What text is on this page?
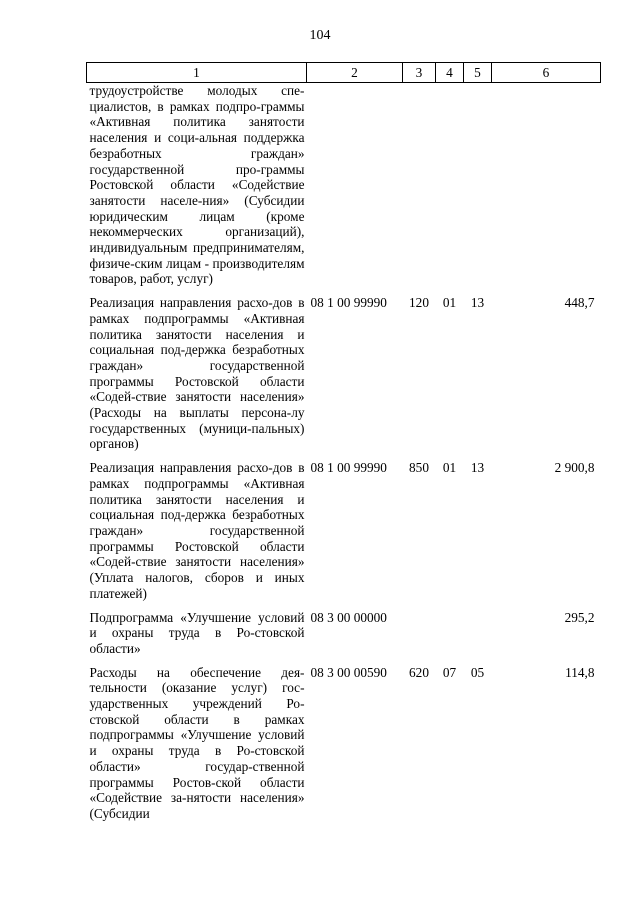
104
1	2	3	4	5	6
трудоустройстве молодых спе-циалистов, в рамках подпро-граммы «Активная политика занятости населения и соци-альная поддержка безработных граждан» государственной про-граммы Ростовской области «Содействие занятости населе-ния» (Субсидии юридическим лицам (кроме некоммерческих организаций), индивидуальным предпринимателям, физиче-ским лицам - производителям товаров, работ, услуг)					

Реализация направления расхо-дов в рамках подпрограммы «Активная политика занятости населения и социальная под-держка безработных граждан» государственной программы Ростовской области «Содей-ствие занятости населения» (Расходы на выплаты персона-лу государственных (муници-пальных) органов)	08 1 00 99990	120	01	13	448,7

Реализация направления расхо-дов в рамках подпрограммы «Активная политика занятости населения и социальная под-держка безработных граждан» государственной программы Ростовской области «Содей-ствие занятости населения» (Уплата налогов, сборов и иных платежей)	08 1 00 99990	850	01	13	2 900,8

Подпрограмма «Улучшение условий и охраны труда в Ро-стовской области»	08 3 00 00000				295,2

Расходы на обеспечение дея-тельности (оказание услуг) гос-ударственных учреждений Ро-стовской области в рамках подпрограммы «Улучшение условий и охраны труда в Ро-стовской области» государ-ственной программы Ростов-ской области «Содействие за-нятости населения» (Субсидии	08 3 00 00590	620	07	05	114,8
